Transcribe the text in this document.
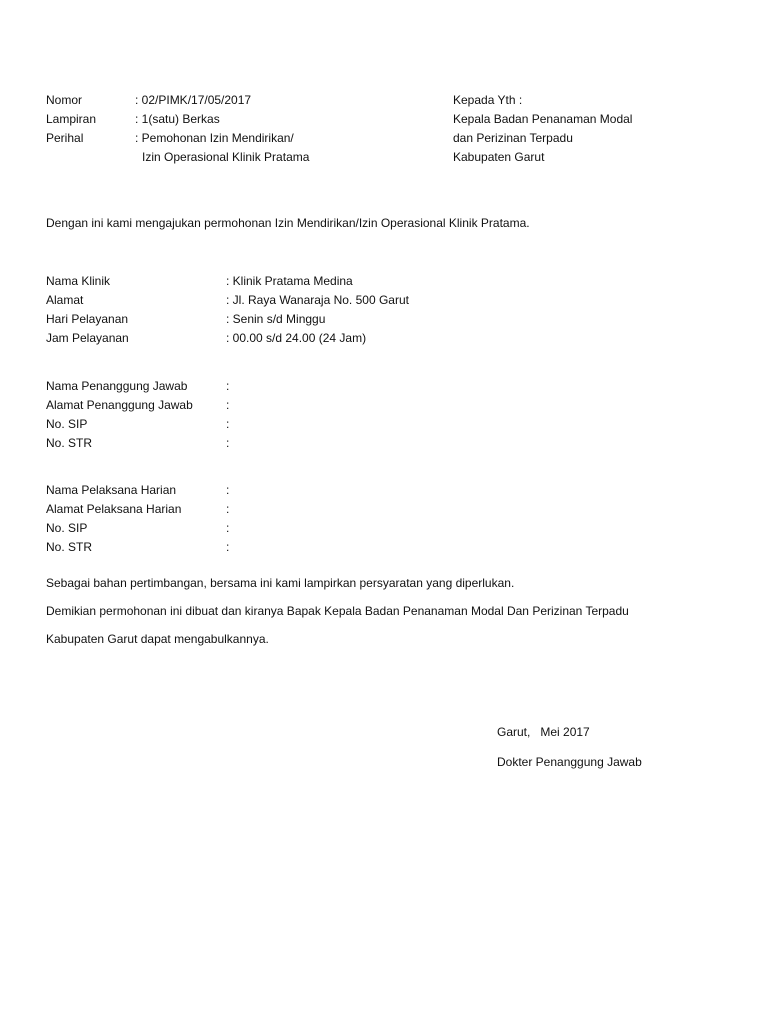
Nomor	: 02/PIMK/17/05/2017
Lampiran	: 1(satu) Berkas
Perihal	: Pemohonan Izin Mendirikan/
Izin Operasional Klinik Pratama
Kepada Yth :
Kepala Badan Penanaman Modal
dan Perizinan Terpadu
Kabupaten Garut
Dengan ini kami mengajukan permohonan Izin Mendirikan/Izin Operasional Klinik Pratama.
Nama Klinik	: Klinik Pratama Medina
Alamat	: Jl. Raya Wanaraja No. 500 Garut
Hari Pelayanan	: Senin s/d Minggu
Jam Pelayanan	: 00.00 s/d 24.00 (24 Jam)
Nama Penanggung Jawab	:
Alamat Penanggung Jawab	:
No. SIP	:
No. STR	:
Nama Pelaksana Harian	:
Alamat Pelaksana Harian	:
No. SIP	:
No. STR	:
Sebagai bahan pertimbangan, bersama ini kami lampirkan persyaratan yang diperlukan.
Demikian permohonan ini dibuat dan kiranya Bapak Kepala Badan Penanaman Modal Dan Perizinan Terpadu
Kabupaten Garut dapat mengabulkannya.
Garut,   Mei 2017
Dokter Penanggung Jawab
